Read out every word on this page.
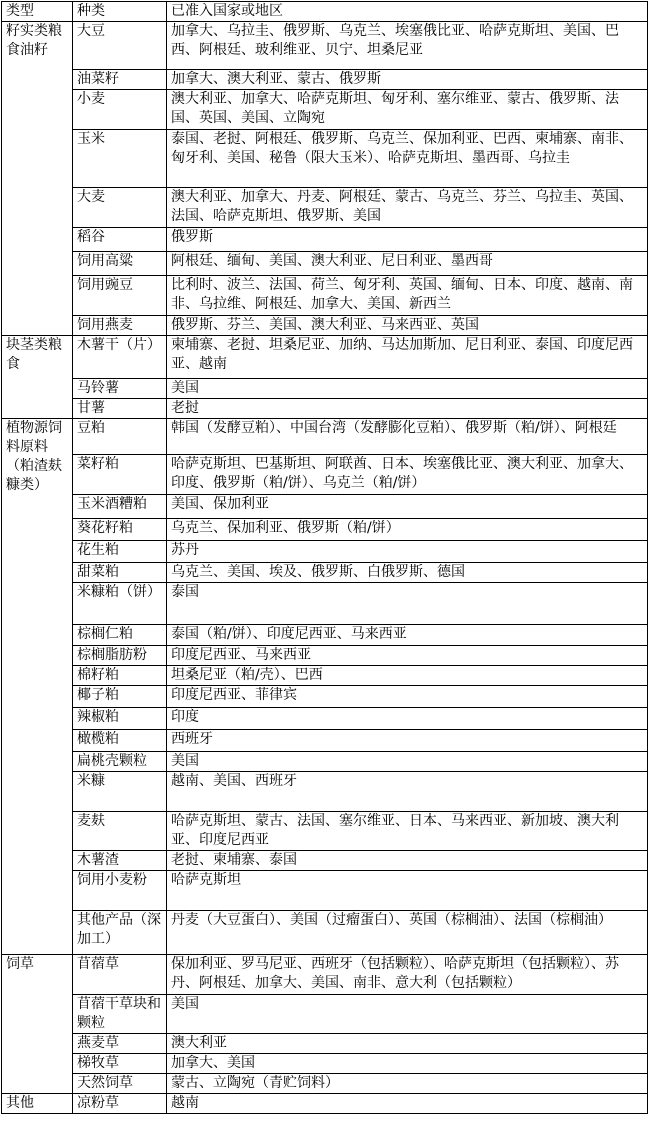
类型	种类	已准入国家或地区
籽实类粮食油籽	大豆	加拿大、乌拉圭、俄罗斯、乌克兰、埃塞俄比亚、哈萨克斯坦、美国、巴西、阿根廷、玻利维亚、贝宁、坦桑尼亚
	油菜籽	加拿大、澳大利亚、蒙古、俄罗斯
	小麦	澳大利亚、加拿大、哈萨克斯坦、匈牙利、塞尔维亚、蒙古、俄罗斯、法国、英国、美国、立陶宛
	玉米	泰国、老挝、阿根廷、俄罗斯、乌克兰、保加利亚、巴西、柬埔寨、南非、匈牙利、美国、秘鲁（限大玉米）、哈萨克斯坦、墨西哥、乌拉圭
	大麦	澳大利亚、加拿大、丹麦、阿根廷、蒙古、乌克兰、芬兰、乌拉圭、英国、法国、哈萨克斯坦、俄罗斯、美国
	稻谷	俄罗斯
	饲用高粱	阿根廷、缅甸、美国、澳大利亚、尼日利亚、墨西哥
	饲用豌豆	比利时、波兰、法国、荷兰、匈牙利、英国、缅甸、日本、印度、越南、南非、乌拉维、阿根廷、加拿大、美国、新西兰
	饲用燕麦	俄罗斯、芬兰、美国、澳大利亚、马来西亚、英国
块茎类粮食	木薯干（片）	柬埔寨、老挝、坦桑尼亚、加纳、马达加斯加、尼日利亚、泰国、印度尼西亚、越南
	马铃薯	美国
	甘薯	老挝
植物源饲料原料（粕渣麸糠类）	豆粕	韩国（发酵豆粕）、中国台湾（发酵膨化豆粕）、俄罗斯（粕/饼）、阿根廷
	菜籽粕	哈萨克斯坦、巴基斯坦、阿联酋、日本、埃塞俄比亚、澳大利亚、加拿大、印度、俄罗斯（粕/饼）、乌克兰（粕/饼）
	玉米酒糟粕	美国、保加利亚
	葵花籽粕	乌克兰、保加利亚、俄罗斯（粕/饼）
	花生粕	苏丹
	甜菜粕	乌克兰、美国、埃及、俄罗斯、白俄罗斯、德国
	米糠粕（饼）	泰国
	棕榈仁粕	泰国（粕/饼）、印度尼西亚、马来西亚
	棕榈脂肪粉	印度尼西亚、马来西亚
	棉籽粕	坦桑尼亚（粕/壳）、巴西
	椰子粕	印度尼西亚、菲律宾
	辣椒粕	印度
	橄榄粕	西班牙
	扁桃壳颗粒	美国
	米糠	越南、美国、西班牙
	麦麸	哈萨克斯坦、蒙古、法国、塞尔维亚、日本、马来西亚、新加坡、澳大利亚、印度尼西亚
	木薯渣	老挝、柬埔寨、泰国
	饲用小麦粉	哈萨克斯坦
	其他产品（深加工）	丹麦（大豆蛋白）、美国（过瘤蛋白）、英国（棕榈油）、法国（棕榈油）
饲草	苜蓿草	保加利亚、罗马尼亚、西班牙（包括颗粒）、哈萨克斯坦（包括颗粒）、苏丹、阿根廷、加拿大、美国、南非、意大利（包括颗粒）
	苜蓿干草块和颗粒	美国
	燕麦草	澳大利亚
	梯牧草	加拿大、美国
	天然饲草	蒙古、立陶宛（青贮饲料）
其他	凉粉草	越南
